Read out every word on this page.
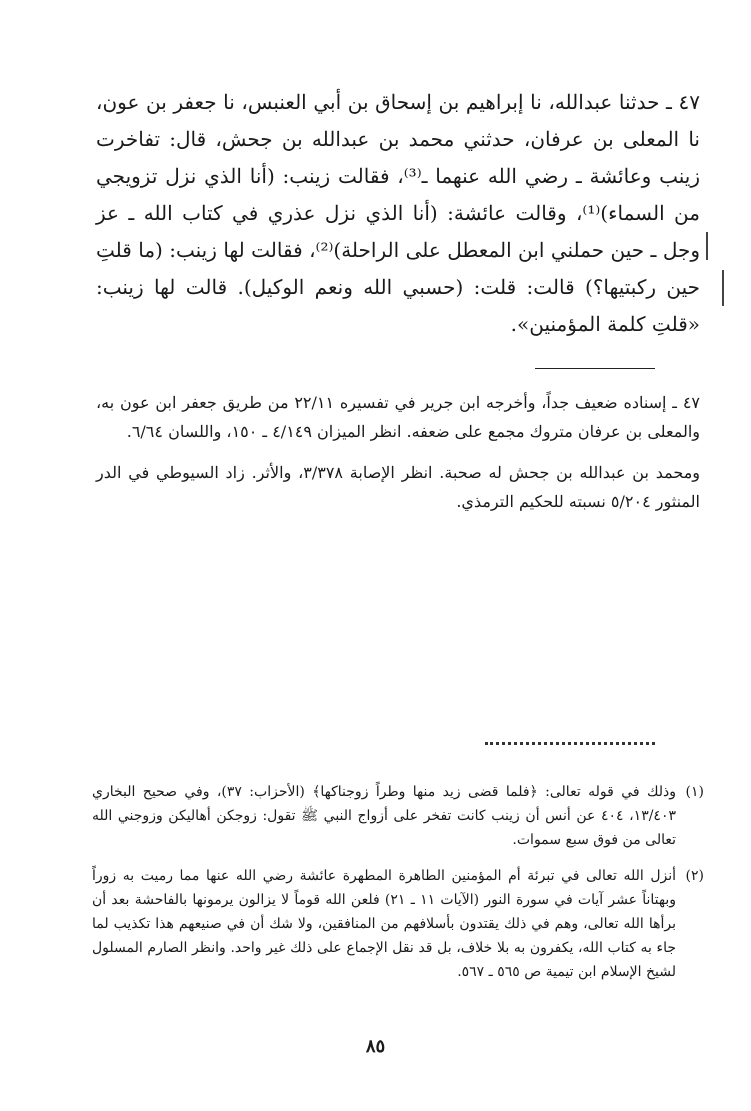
٤٧ ـ حدثنا عبدالله، نا إبراهيم بن إسحاق بن أبي العنبس، نا جعفر بن عون، نا المعلى بن عرفان، حدثني محمد بن عبدالله بن جحش، قال: تفاخرت زينب وعائشة ـ رضي الله عنهما ـ⁽³⁾، فقالت زينب: (أنا الذي نزل تزويجي من السماء)⁽¹⁾، وقالت عائشة: (أنا الذي نزل عذري في كتاب الله ـ عز وجل ـ حين حملني ابن المعطل على الراحلة)⁽²⁾، فقالت لها زينب: (ما قلتِ حين ركبتيها؟) قالت: قلت: (حسبي الله ونعم الوكيل). قالت لها زينب: «قلتِ كلمة المؤمنين».

٤٧ ـ إسناده ضعيف جداً، وأخرجه ابن جرير في تفسيره ٢٢/١١ من طريق جعفر ابن عون به، والمعلى بن عرفان متروك مجمع على ضعفه. انظر الميزان ٤/١٤٩ ـ ١٥٠، واللسان ٦/٦٤.

ومحمد بن عبدالله بن جحش له صحبة. انظر الإصابة ٣/٣٧٨، والأثر. زاد السيوطي في الدر المنثور ٥/٢٠٤ نسبته للحكيم الترمذي.

(١)

وذلك في قوله تعالى: ﴿فلما قضى زيد منها وطراً زوجناكها﴾ (الأحزاب: ٣٧)، وفي صحيح البخاري ١٣/٤٠٣، ٤٠٤ عن أنس أن زينب كانت تفخر على أزواج النبي ﷺ تقول: زوجكن أهاليكن وزوجني الله تعالى من فوق سبع سموات.

(٢)

أنزل الله تعالى في تبرئة أم المؤمنين الطاهرة المطهرة عائشة رضي الله عنها مما رميت به زوراً وبهتاناً عشر آيات في سورة النور (الآيات ١١ ـ ٢١) فلعن الله قوماً لا يزالون يرمونها بالفاحشة بعد أن برأها الله تعالى، وهم في ذلك يقتدون بأسلافهم من المنافقين، ولا شك أن في صنيعهم هذا تكذيب لما جاء به كتاب الله، يكفرون به بلا خلاف، بل قد نقل الإجماع على ذلك غير واحد. وانظر الصارم المسلول لشيخ الإسلام ابن تيمية ص ٥٦٥ ـ ٥٦٧.

٨٥
